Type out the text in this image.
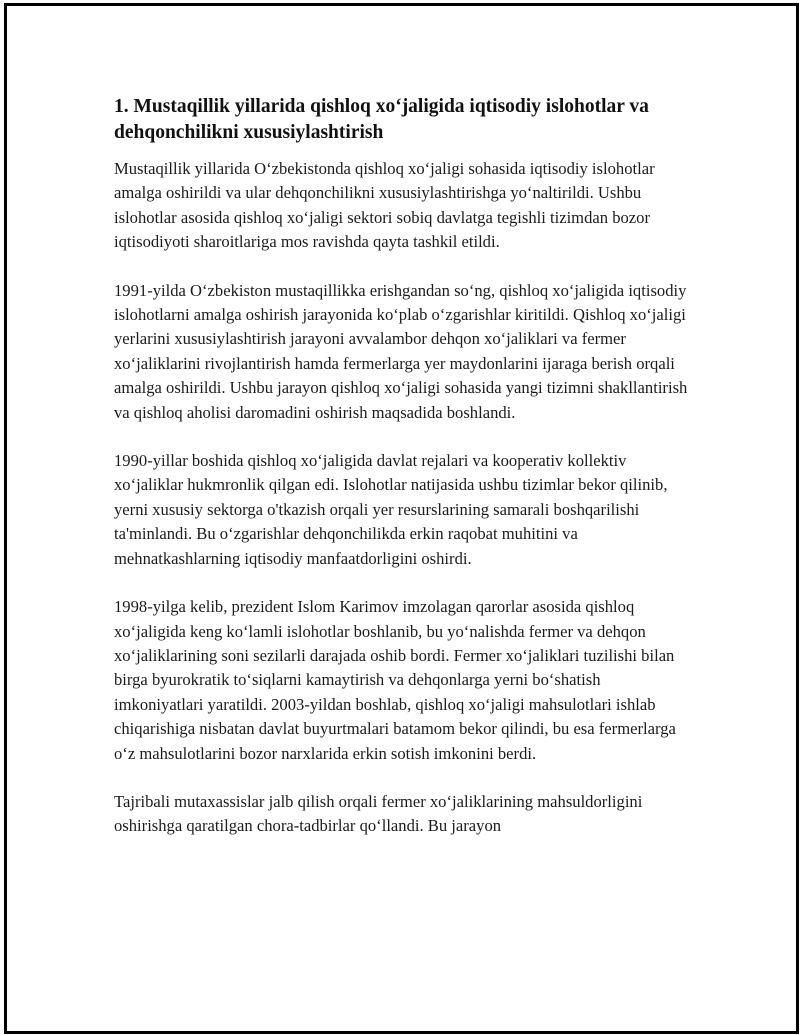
1. Mustaqillik yillarida qishloq xo‘jaligida iqtisodiy islohotlar va dehqonchilikni xususiylashtirish

Mustaqillik yillarida O‘zbekistonda qishloq xo‘jaligi sohasida iqtisodiy islohotlar amalga oshirildi va ular dehqonchilikni xususiylashtirishga yo‘naltirildi. Ushbu islohotlar asosida qishloq xo‘jaligi sektori sobiq davlatga tegishli tizimdan bozor iqtisodiyoti sharoitlariga mos ravishda qayta tashkil etildi.

1991-yilda O‘zbekiston mustaqillikka erishgandan so‘ng, qishloq xo‘jaligida iqtisodiy islohotlarni amalga oshirish jarayonida ko‘plab o‘zgarishlar kiritildi. Qishloq xo‘jaligi yerlarini xususiylashtirish jarayoni avvalambor dehqon xo‘jaliklari va fermer xo‘jaliklarini rivojlantirish hamda fermerlarga yer maydonlarini ijaraga berish orqali amalga oshirildi. Ushbu jarayon qishloq xo‘jaligi sohasida yangi tizimni shakllantirish va qishloq aholisi daromadini oshirish maqsadida boshlandi.

1990-yillar boshida qishloq xo‘jaligida davlat rejalari va kooperativ kollektiv xo‘jaliklar hukmronlik qilgan edi. Islohotlar natijasida ushbu tizimlar bekor qilinib, yerni xususiy sektorga o'tkazish orqali yer resurslarining samarali boshqarilishi ta'minlandi. Bu o‘zgarishlar dehqonchilikda erkin raqobat muhitini va mehnatkashlarning iqtisodiy manfaatdorligini oshirdi.

1998-yilga kelib, prezident Islom Karimov imzolagan qarorlar asosida qishloq xo‘jaligida keng ko‘lamli islohotlar boshlanib, bu yo‘nalishda fermer va dehqon xo‘jaliklarining soni sezilarli darajada oshib bordi. Fermer xo‘jaliklari tuzilishi bilan birga byurokratik to‘siqlarni kamaytirish va dehqonlarga yerni bo‘shatish imkoniyatlari yaratildi. 2003-yildan boshlab, qishloq xo‘jaligi mahsulotlari ishlab chiqarishiga nisbatan davlat buyurtmalari batamom bekor qilindi, bu esa fermerlarga o‘z mahsulotlarini bozor narxlarida erkin sotish imkonini berdi.

Tajribali mutaxassislar jalb qilish orqali fermer xo‘jaliklarining mahsuldorligini oshirishga qaratilgan chora-tadbirlar qo‘llandi. Bu jarayon
